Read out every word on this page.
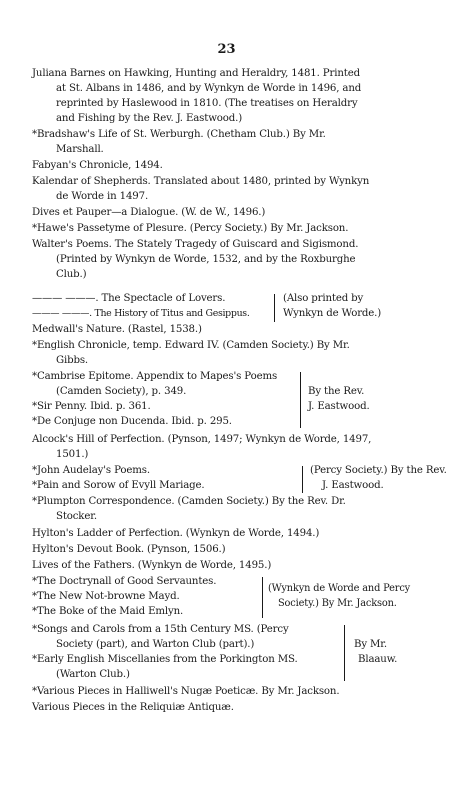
23
Juliana Barnes on Hawking, Hunting and Heraldry, 1481. Printed
at St. Albans in 1486, and by Wynkyn de Worde in 1496, and
reprinted by Haslewood in 1810. (The treatises on Heraldry
and Fishing by the Rev. J. Eastwood.)
*Bradshaw's Life of St. Werburgh. (Chetham Club.) By Mr.
Marshall.
Fabyan's Chronicle, 1494.
Kalendar of Shepherds. Translated about 1480, printed by Wynkyn
de Worde in 1497.
Dives et Pauper—a Dialogue. (W. de W., 1496.)
*Hawe's Passetyme of Plesure. (Percy Society.) By Mr. Jackson.
Walter's Poems. The Stately Tragedy of Guiscard and Sigismond.
(Printed by Wynkyn de Worde, 1532, and by the Roxburghe
Club.)
——— ———. The Spectacle of Lovers.
——— ———. The History of Titus and Gesippus.
(Also printed by
Wynkyn de Worde.)
Medwall's Nature. (Rastel, 1538.)
*English Chronicle, temp. Edward IV. (Camden Society.) By Mr.
Gibbs.
*Cambrise Epitome. Appendix to Mapes's Poems
(Camden Society), p. 349.
*Sir Penny. Ibid. p. 361.
*De Conjuge non Ducenda. Ibid. p. 295.
By the Rev.
J. Eastwood.
Alcock's Hill of Perfection. (Pynson, 1497; Wynkyn de Worde, 1497,
1501.)
*John Audelay's Poems.
*Pain and Sorow of Evyll Mariage.
(Percy Society.) By the Rev.
J. Eastwood.
*Plumpton Correspondence. (Camden Society.) By the Rev. Dr.
Stocker.
Hylton's Ladder of Perfection. (Wynkyn de Worde, 1494.)
Hylton's Devout Book. (Pynson, 1506.)
Lives of the Fathers. (Wynkyn de Worde, 1495.)
*The Doctrynall of Good Servauntes.
*The New Not-browne Mayd.
*The Boke of the Maid Emlyn.
(Wynkyn de Worde and Percy
Society.) By Mr. Jackson.
*Songs and Carols from a 15th Century MS. (Percy
Society (part), and Warton Club (part).)
*Early English Miscellanies from the Porkington MS.
(Warton Club.)
By Mr.
Blaauw.
*Various Pieces in Halliwell's Nugæ Poeticæ. By Mr. Jackson.
Various Pieces in the Reliquiæ Antiquæ.
